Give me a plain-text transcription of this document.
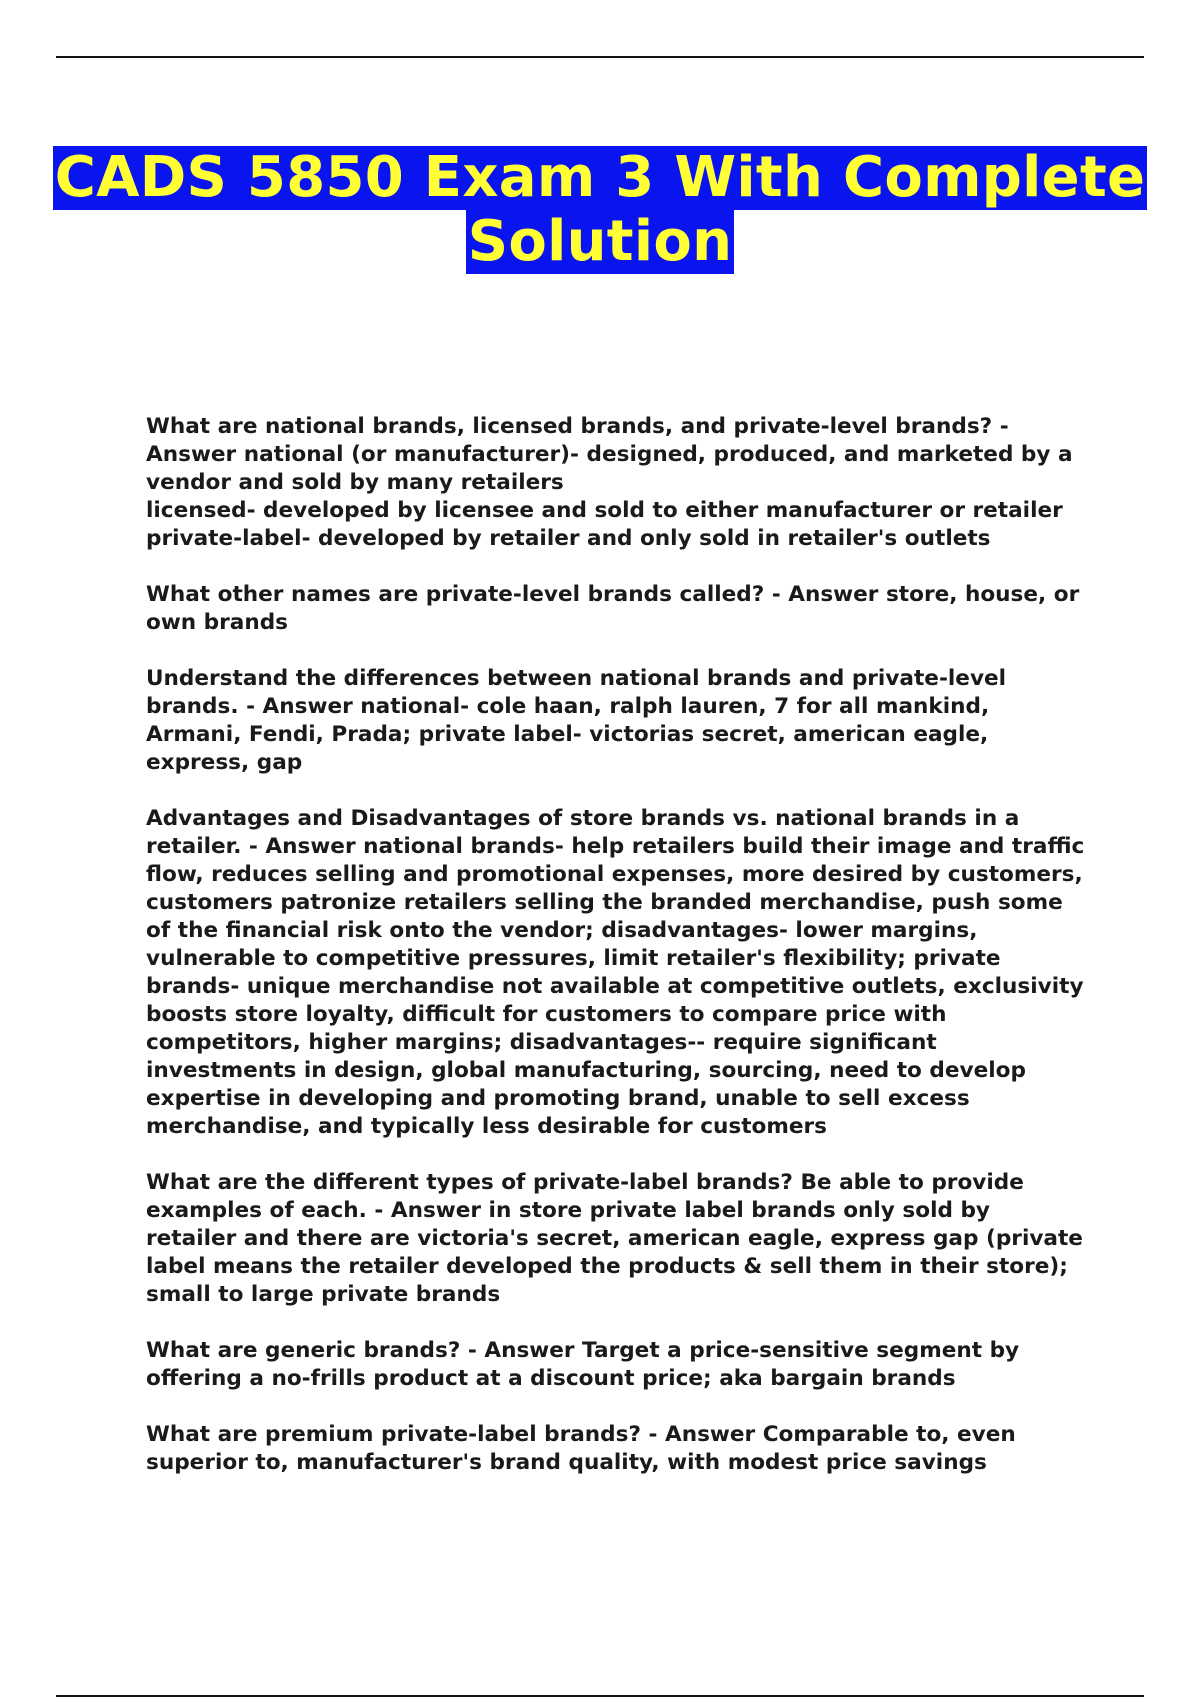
CADS 5850 Exam 3 With Complete
Solution

What are national brands, licensed brands, and private-level brands? - Answer national (or manufacturer)- designed, produced, and marketed by a vendor and sold by many retailers
licensed- developed by licensee and sold to either manufacturer or retailer
private-label- developed by retailer and only sold in retailer's outlets

What other names are private-level brands called? - Answer store, house, or own brands

Understand the differences between national brands and private-level brands. - Answer national- cole haan, ralph lauren, 7 for all mankind, Armani, Fendi, Prada; private label- victorias secret, american eagle, express, gap

Advantages and Disadvantages of store brands vs. national brands in a retailer. - Answer national brands- help retailers build their image and traffic flow, reduces selling and promotional expenses, more desired by customers, customers patronize retailers selling the branded merchandise, push some of the financial risk onto the vendor; disadvantages- lower margins, vulnerable to competitive pressures, limit retailer's flexibility; private brands- unique merchandise not available at competitive outlets, exclusivity boosts store loyalty, difficult for customers to compare price with competitors, higher margins; disadvantages-- require significant investments in design, global manufacturing, sourcing, need to develop expertise in developing and promoting brand, unable to sell excess merchandise, and typically less desirable for customers

What are the different types of private-label brands? Be able to provide examples of each. - Answer in store private label brands only sold by retailer and there are victoria's secret, american eagle, express gap (private label means the retailer developed the products & sell them in their store); small to large private brands

What are generic brands? - Answer Target a price-sensitive segment by offering a no-frills product at a discount price; aka bargain brands

What are premium private-label brands? - Answer Comparable to, even superior to, manufacturer's brand quality, with modest price savings
